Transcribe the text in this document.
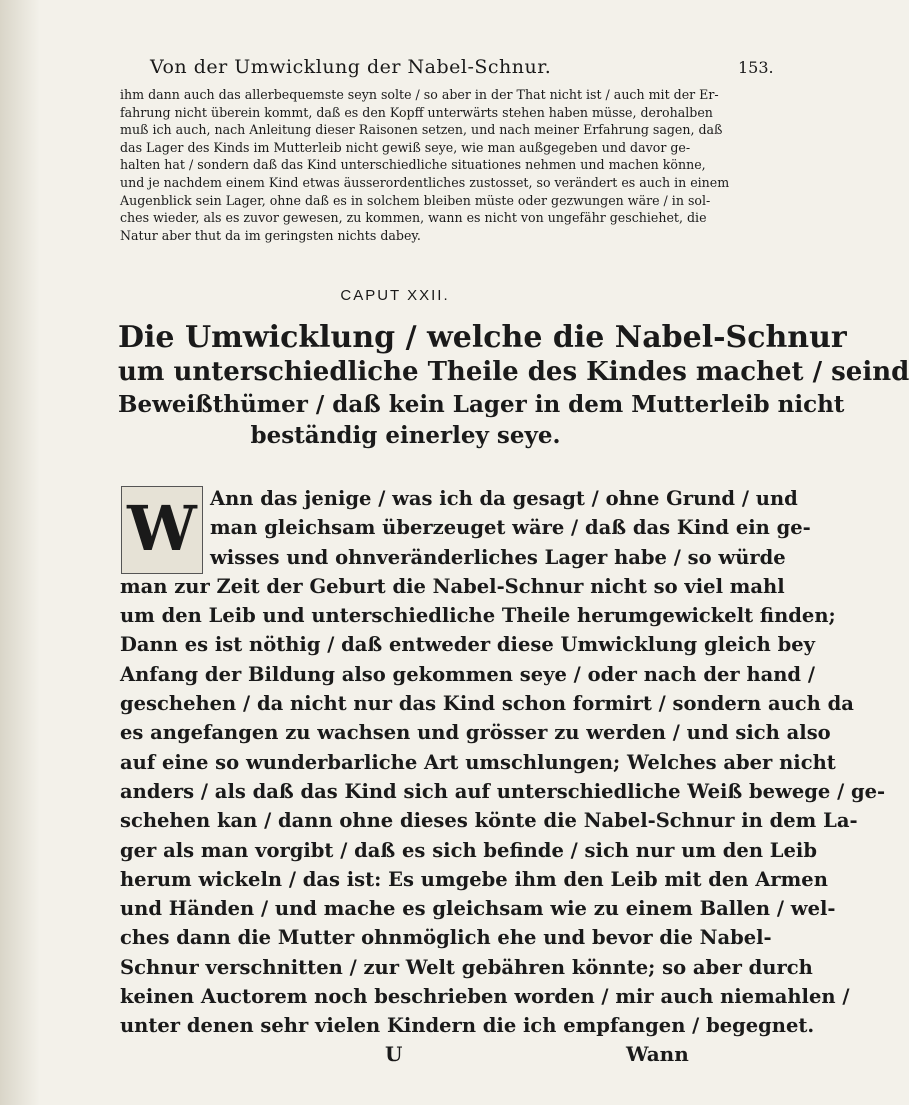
Von der Umwicklung der Nabel-Schnur.	153.
ihm dann auch das allerbequemste seyn solte / so aber in der That nicht ist / auch mit der Er-
fahrung nicht überein kommt, daß es den Kopff unterwärts stehen haben müsse, derohalben
muß ich auch, nach Anleitung dieser Raisonen setzen, und nach meiner Erfahrung sagen, daß
das Lager des Kinds im Mutterleib nicht gewiß seye, wie man außgegeben und davor ge-
halten hat / sondern daß das Kind unterschiedliche situationes nehmen und machen könne,
und je nachdem einem Kind etwas äusserordentliches zustosset, so verändert es auch in einem
Augenblick sein Lager, ohne daß es in solchem bleiben müste oder gezwungen wäre / in sol-
ches wieder, als es zuvor gewesen, zu kommen, wann es nicht von ungefähr geschiehet, die
Natur aber thut da im geringsten nichts dabey.
CAPUT XXII.
Die Umwicklung / welche die Nabel-Schnur
um unterschiedliche Theile des Kindes machet / seind
Beweißthümer / daß kein Lager in dem Mutterleib nicht
beständig einerley seye.
W Ann das jenige / was ich da gesagt / ohne Grund / und
man gleichsam überzeuget wäre / daß das Kind ein ge-
wisses und ohnveränderliches Lager habe / so würde
man zur Zeit der Geburt die Nabel-Schnur nicht so viel mahl
um den Leib und unterschiedliche Theile herumgewickelt finden;
Dann es ist nöthig / daß entweder diese Umwicklung gleich bey
Anfang der Bildung also gekommen seye / oder nach der hand /
geschehen / da nicht nur das Kind schon formirt / sondern auch da
es angefangen zu wachsen und grösser zu werden / und sich also
auf eine so wunderbarliche Art umschlungen; Welches aber nicht
anders / als daß das Kind sich auf unterschiedliche Weiß bewege / ge-
schehen kan / dann ohne dieses könte die Nabel-Schnur in dem La-
ger als man vorgibt / daß es sich befinde / sich nur um den Leib
herum wickeln / das ist: Es umgebe ihm den Leib mit den Armen
und Händen / und mache es gleichsam wie zu einem Ballen / wel-
ches dann die Mutter ohnmöglich ehe und bevor die Nabel-
Schnur verschnitten / zur Welt gebähren könnte; so aber durch
keinen Auctorem noch beschrieben worden / mir auch niemahlen /
unter denen sehr vielen Kindern die ich empfangen / begegnet.
U	Wann
